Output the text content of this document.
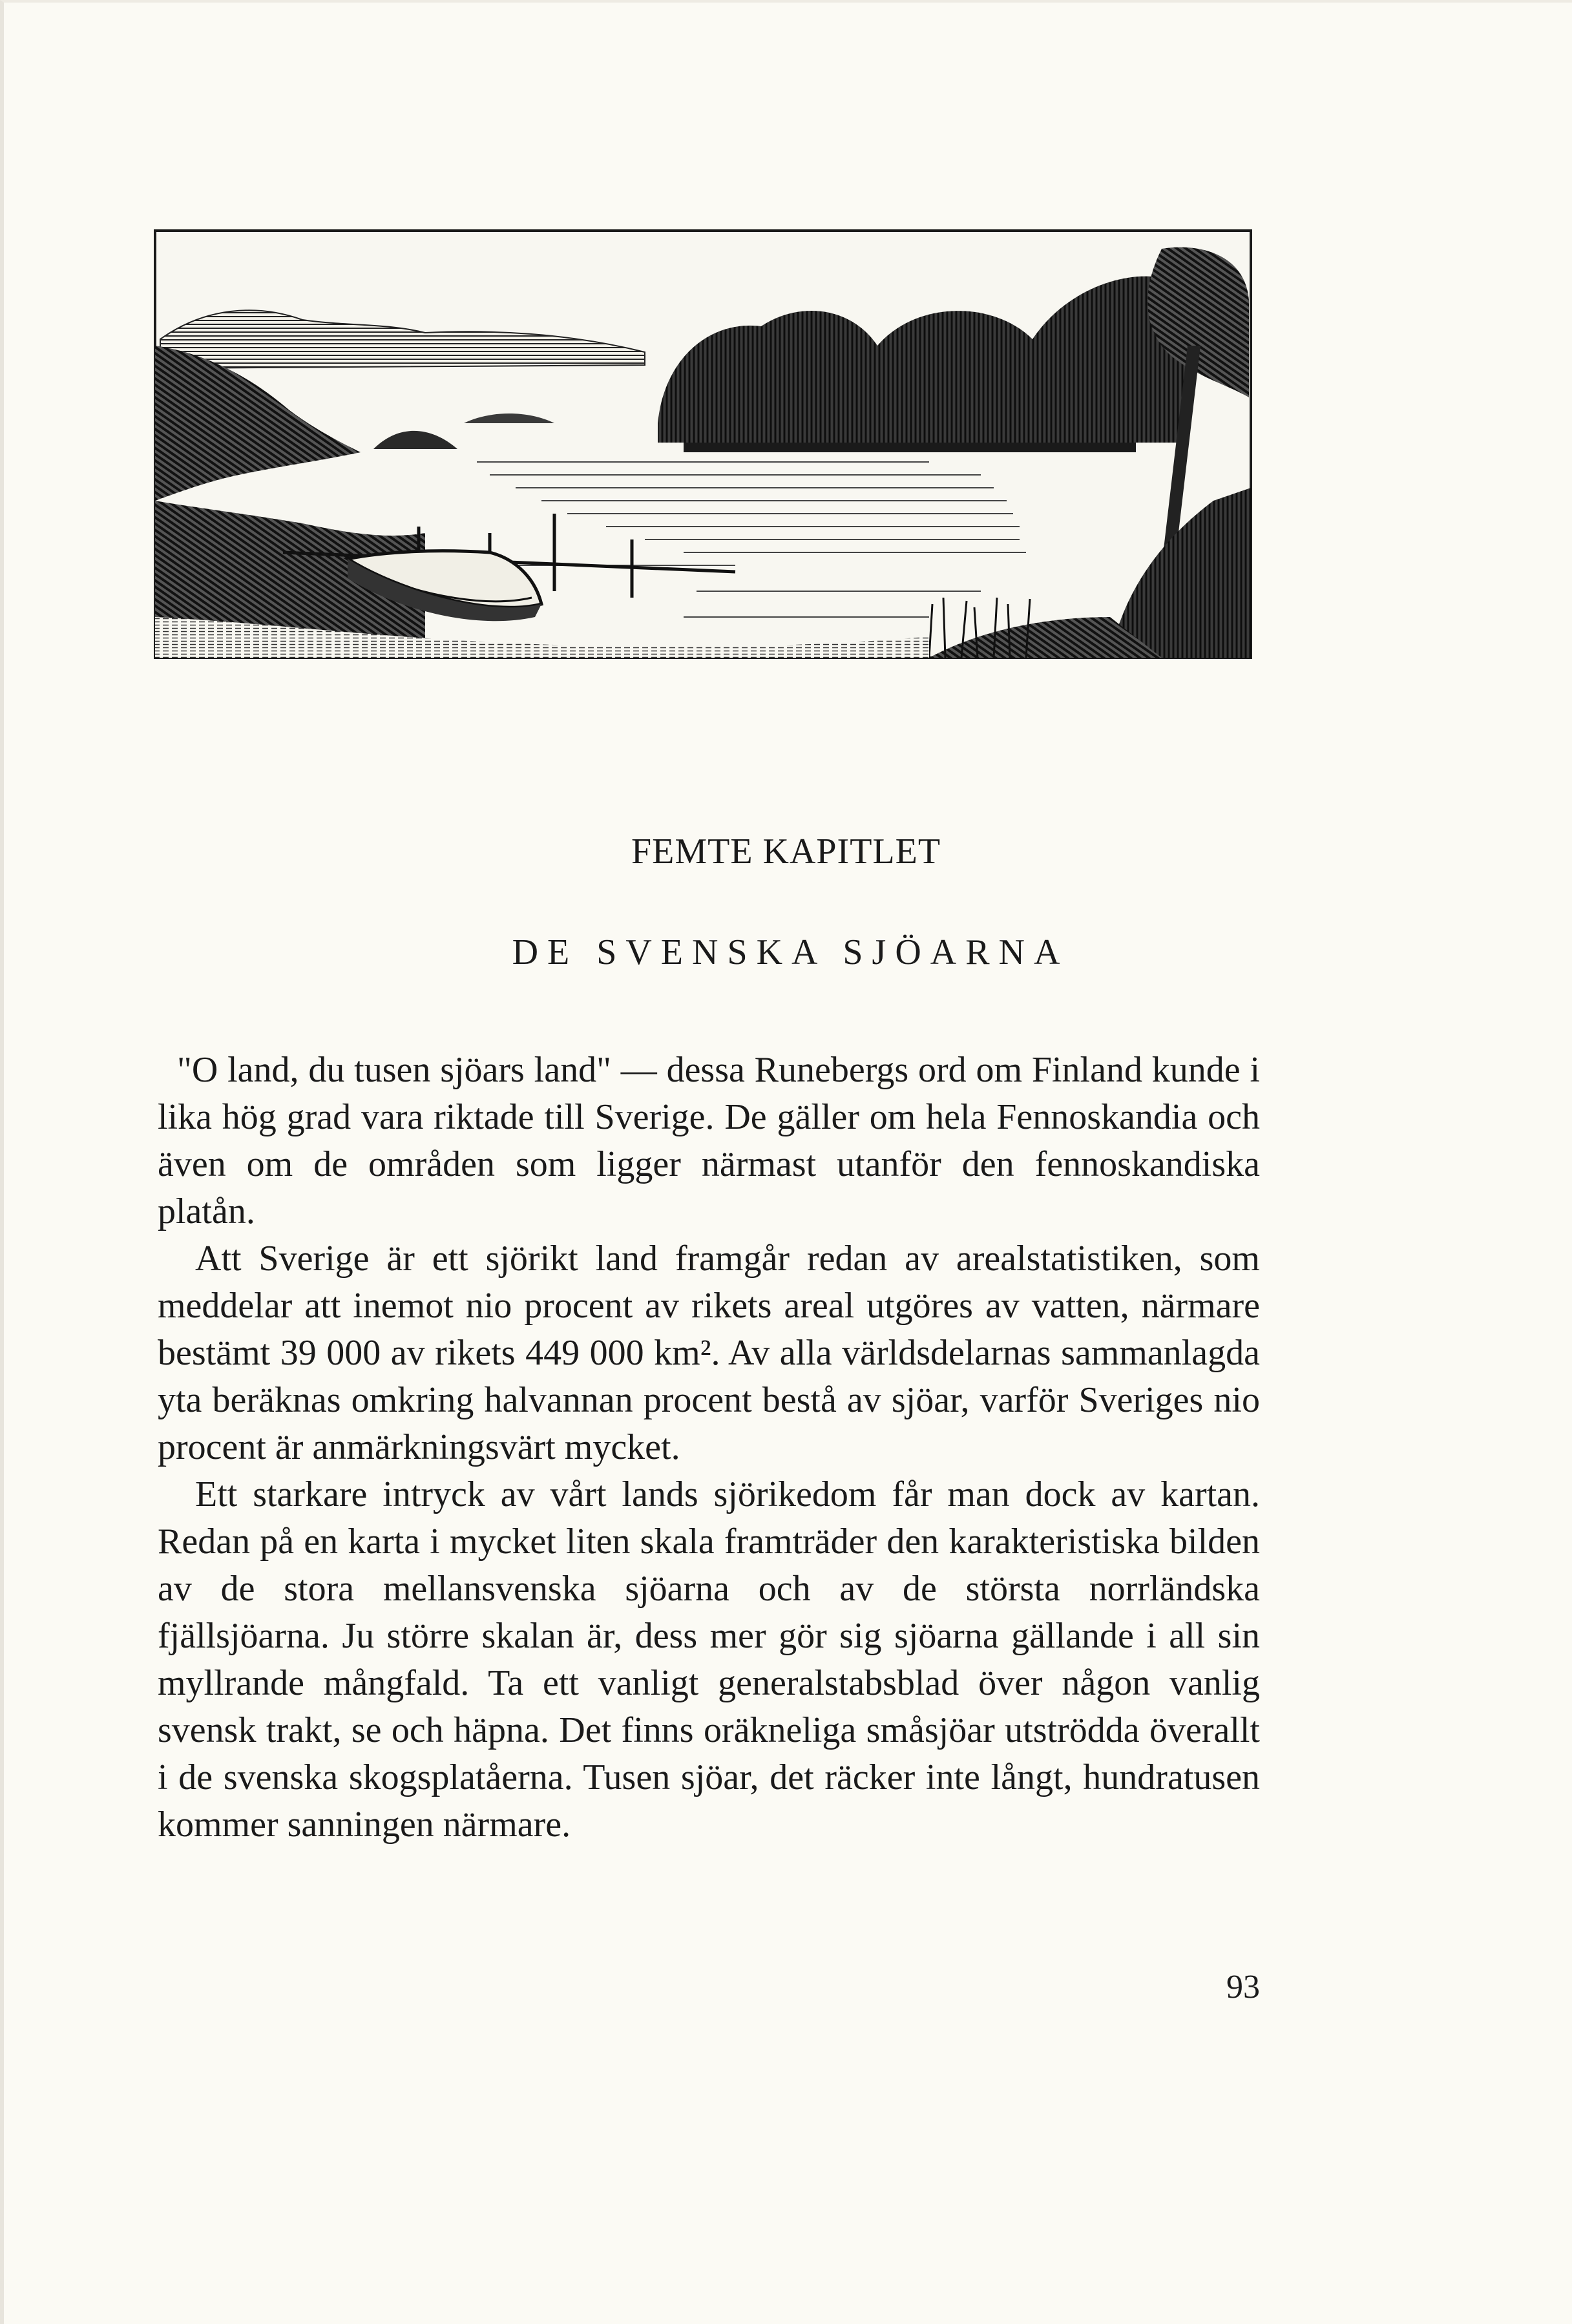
FEMTE KAPITLET
DE SVENSKA SJÖARNA

"O land, du tusen sjöars land" — dessa Runebergs ord om Finland kunde i lika hög grad vara riktade till Sverige. De gäller om hela Fennoskandia och även om de områden som ligger närmast utanför den fennoskandiska platån.

Att Sverige är ett sjörikt land framgår redan av arealstatistiken, som meddelar att inemot nio procent av rikets areal utgöres av vatten, närmare bestämt 39 000 av rikets 449 000 km². Av alla världsdelarnas sammanlagda yta beräknas omkring halvannan procent bestå av sjöar, varför Sveriges nio procent är anmärkningsvärt mycket.

Ett starkare intryck av vårt lands sjörikedom får man dock av kartan. Redan på en karta i mycket liten skala framträder den karakteristiska bilden av de stora mellansvenska sjöarna och av de största norrländska fjällsjöarna. Ju större skalan är, dess mer gör sig sjöarna gällande i all sin myllrande mångfald. Ta ett vanligt generalstabsblad över någon vanlig svensk trakt, se och häpna. Det finns oräkneliga småsjöar utströdda överallt i de svenska skogsplatåerna. Tusen sjöar, det räcker inte långt, hundratusen kommer sanningen närmare.

93
